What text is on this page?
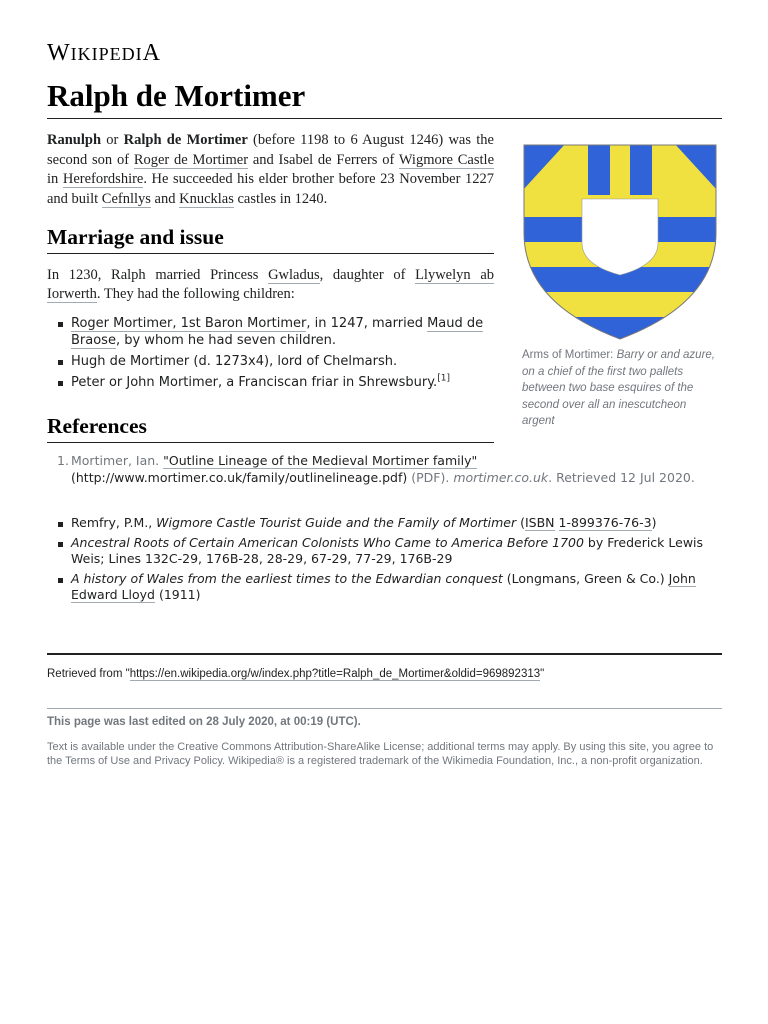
WIKIPEDIA
Ralph de Mortimer

Ranulph or Ralph de Mortimer (before 1198 to 6 August 1246) was the second son of Roger de Mortimer and Isabel de Ferrers of Wigmore Castle in Herefordshire. He succeeded his elder brother before 23 November 1227 and built Cefnllys and Knucklas castles in 1240.

Arms of Mortimer: Barry or and azure, on a chief of the first two pallets between two base esquires of the second over all an inescutcheon argent
Marriage and issue

In 1230, Ralph married Princess Gwladus, daughter of Llywelyn ab Iorwerth. They had the following children:

Roger Mortimer, 1st Baron Mortimer, in 1247, married Maud de Braose, by whom he had seven children.
Hugh de Mortimer (d. 1273x4), lord of Chelmarsh.
Peter or John Mortimer, a Franciscan friar in Shrewsbury.[1]
References
1. Mortimer, Ian. "Outline Lineage of the Medieval Mortimer family" (http://www.mortimer.co.uk/family/outlinelineage.pdf) (PDF). mortimer.co.uk. Retrieved 12 Jul 2020.
Remfry, P.M., Wigmore Castle Tourist Guide and the Family of Mortimer (ISBN 1-899376-76-3)
Ancestral Roots of Certain American Colonists Who Came to America Before 1700 by Frederick Lewis Weis; Lines 132C-29, 176B-28, 28-29, 67-29, 77-29, 176B-29
A history of Wales from the earliest times to the Edwardian conquest (Longmans, Green & Co.) John Edward Lloyd (1911)
Retrieved from "https://en.wikipedia.org/w/index.php?title=Ralph_de_Mortimer&oldid=969892313"
This page was last edited on 28 July 2020, at 00:19 (UTC).

Text is available under the Creative Commons Attribution-ShareAlike License; additional terms may apply. By using this site, you agree to the Terms of Use and Privacy Policy. Wikipedia® is a registered trademark of the Wikimedia Foundation, Inc., a non-profit organization.
